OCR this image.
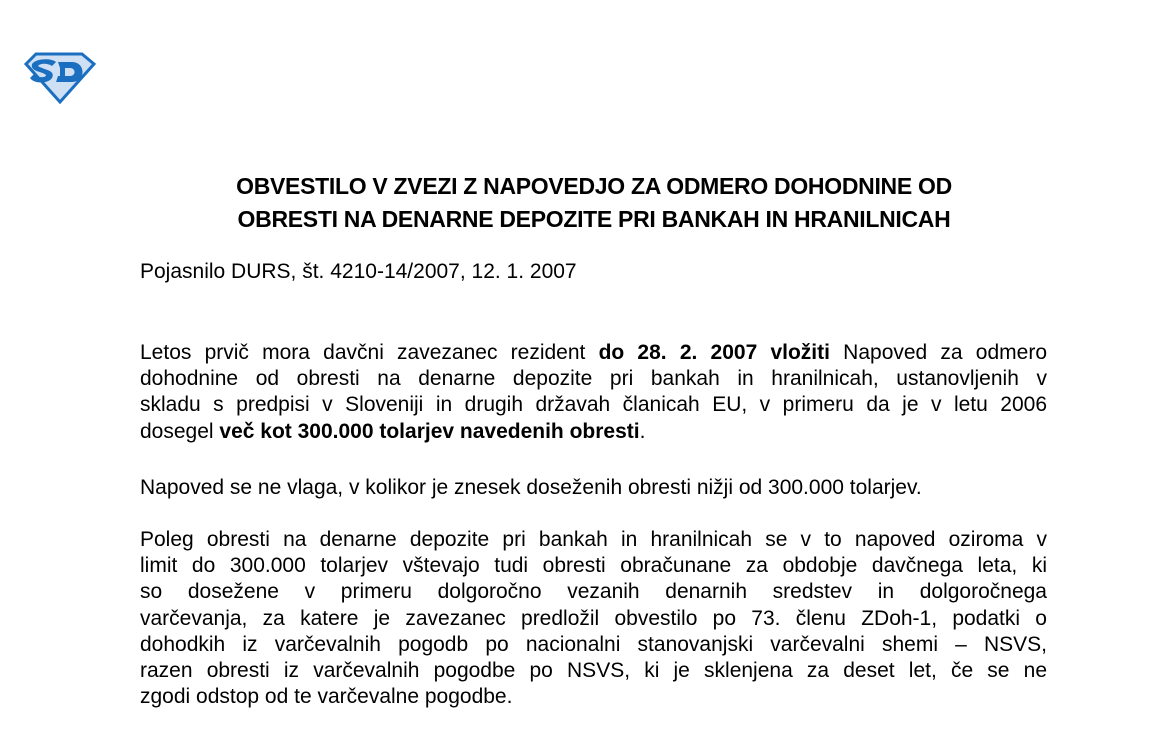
OBVESTILO V ZVEZI Z NAPOVEDJO ZA ODMERO DOHODNINE OD
OBRESTI NA DENARNE DEPOZITE PRI BANKAH IN HRANILNICAH
Pojasnilo DURS, št. 4210-14/2007, 12. 1. 2007
Letos prvič mora davčni zavezanec rezident do 28. 2. 2007 vložiti Napoved za odmero
dohodnine od obresti na denarne depozite pri bankah in hranilnicah, ustanovljenih v
skladu s predpisi v Sloveniji in drugih državah članicah EU, v primeru da je v letu 2006
dosegel več kot 300.000 tolarjev navedenih obresti.
Napoved se ne vlaga, v kolikor je znesek doseženih obresti nižji od 300.000 tolarjev.
Poleg obresti na denarne depozite pri bankah in hranilnicah se v to napoved oziroma v
limit do 300.000 tolarjev vštevajo tudi obresti obračunane za obdobje davčnega leta, ki
so dosežene v primeru dolgoročno vezanih denarnih sredstev in dolgoročnega
varčevanja, za katere je zavezanec predložil obvestilo po 73. členu ZDoh-1, podatki o
dohodkih iz varčevalnih pogodb po nacionalni stanovanjski varčevalni shemi – NSVS,
razen obresti iz varčevalnih pogodbe po NSVS, ki je sklenjena za deset let, če se ne
zgodi odstop od te varčevalne pogodbe.
